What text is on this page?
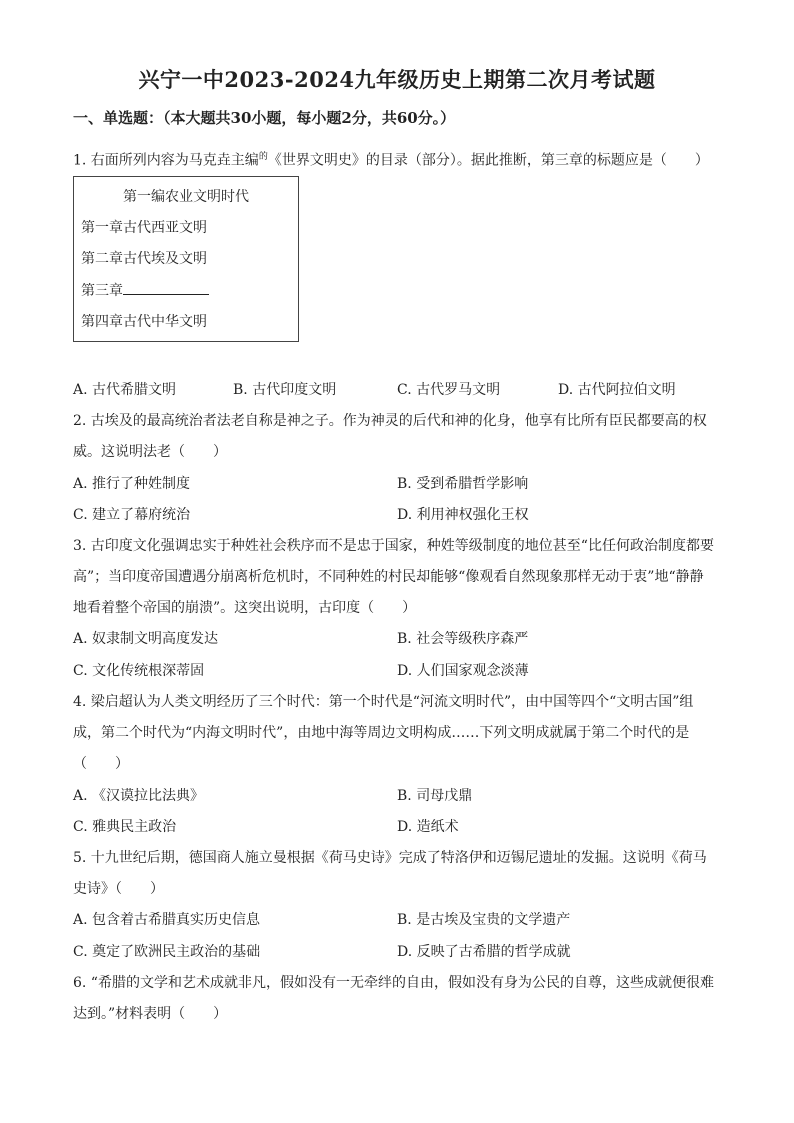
兴宁一中2023-2024九年级历史上期第二次月考试题
一、单选题：（本大题共30小题，每小题2分，共60分。）
1. 右面所列内容为马克垚主编$^的$《世界文明史》的目录（部分）。据此推断，第三章的标题应是（　　）
第一编农业文明时代
第一章古代西亚文明
第二章古代埃及文明
第三章
第四章古代中华文明
A. 古代希腊文明	B. 古代印度文明	C. 古代罗马文明	D. 古代阿拉伯文明
2. 古埃及的最高统治者法老自称是神之子。作为神灵的后代和神的化身，他享有比所有臣民都要高的权
威。这说明法老（　　）
A. 推行了种姓制度	B. 受到希腊哲学影响
C. 建立了幕府统治	D. 利用神权强化王权
3. 古印度文化强调忠实于种姓社会秩序而不是忠于国家，种姓等级制度的地位甚至“比任何政治制度都要
高”；当印度帝国遭遇分崩离析危机时，不同种姓的村民却能够“像观看自然现象那样无动于衷”地“静静
地看着整个帝国的崩溃”。这突出说明，古印度（　　）
A. 奴隶制文明高度发达	B. 社会等级秩序森严
C. 文化传统根深蒂固	D. 人们国家观念淡薄
4. 梁启超认为人类文明经历了三个时代：第一个时代是“河流文明时代”，由中国等四个“文明古国”组
成，第二个时代为“内海文明时代”，由地中海等周边文明构成……下列文明成就属于第二个时代的是
（　　）
A. 《汉谟拉比法典》	B. 司母戊鼎
C. 雅典民主政治	D. 造纸术
5. 十九世纪后期，德国商人施立曼根据《荷马史诗》完成了特洛伊和迈锡尼遗址的发掘。这说明《荷马
史诗》（　　）
A. 包含着古希腊真实历史信息	B. 是古埃及宝贵的文学遗产
C. 奠定了欧洲民主政治的基础	D. 反映了古希腊的哲学成就
6. “希腊的文学和艺术成就非凡，假如没有一无牵绊的自由，假如没有身为公民的自尊，这些成就便很难
达到。”材料表明（　　）
